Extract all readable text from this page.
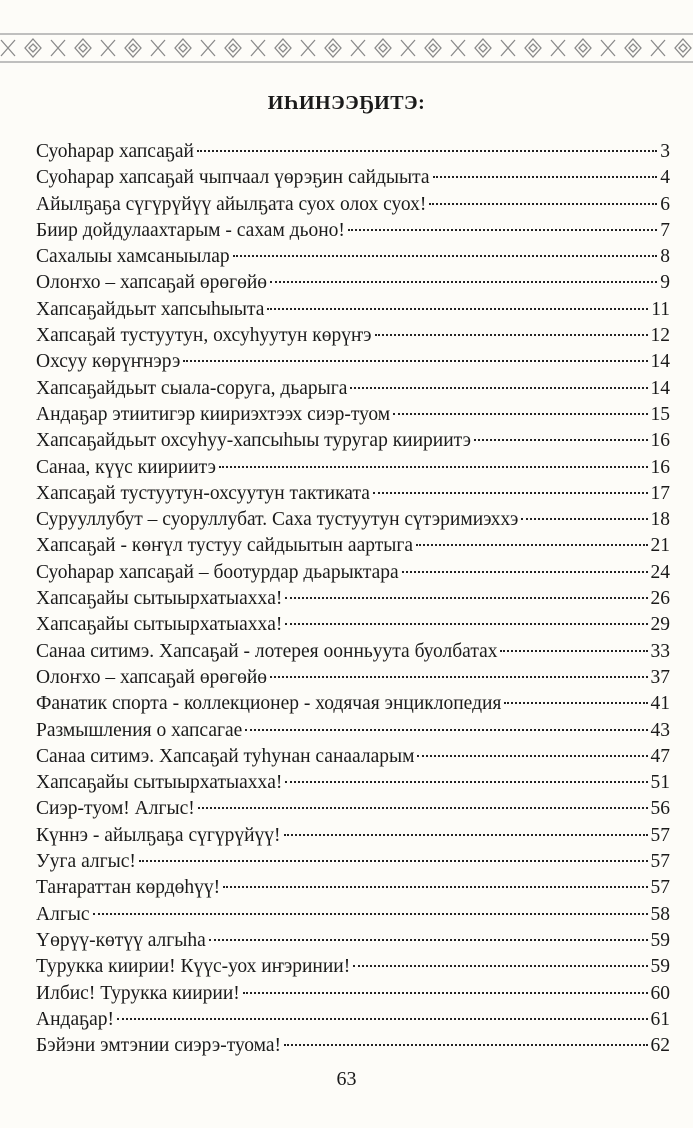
ИҺИНЭЭҔИТЭ:
Суоһарар хапсаҕай	3
Суоһарар хапсаҕай чыпчаал үөрэҕин сайдыыта	4
Айылҕаҕа сүгүрүйүү айылҕата суох олох суох!	6
Биир дойдулаахтарым - сахам дьоно!	7
Сахалыы хамсаныылар	8
Олоҥхо – хапсаҕай өрөгөйө	9
Хапсаҕайдьыт хапсыһыыта	11
Хапсаҕай тустуутун, охсуһуутун көрүҥэ	12
Охсуу көрүҥнэрэ	14
Хапсаҕайдьыт сыала-соруга, дьарыга	14
Андаҕар этиитигэр киириэхтээх сиэр-туом	15
Хапсаҕайдьыт охсуһуу-хапсыһыы туругар киириитэ	16
Санаа, күүс киириитэ	16
Хапсаҕай тустуутун-охсуутун тактиката	17
Сурууллубут – суоруллубат. Саха тустуутун сүтэримиэххэ	18
Хапсаҕай - көҥүл тустуу сайдыытын аартыга	21
Суоһарар хапсаҕай – боотурдар дьарыктара	24
Хапсаҕайы сытыырхатыаххa!	26
Хапсаҕайы сытыырхатыаххa!	29
Санаа ситимэ. Хапсаҕай - лотерея оонньуута буолбатах	33
Олоҥхо – хапсаҕай өрөгөйө	37
Фанатик спорта - коллекционер - ходячая энциклопедия	41
Размышления о хапсагае	43
Санаа ситимэ. Хапсаҕай туһунан санааларым	47
Хапсаҕайы сытыырхатыаххa!	51
Сиэр-туом! Алгыс!	56
Күннэ - айылҕаҕа сүгүрүйүү!	57
Ууга алгыс!	57
Таҥараттан көрдөһүү!	57
Алгыс	58
Үөрүү-көтүү алгыһа	59
Турукка киирии! Күүс-уох иҥэринии!	59
Илбис! Турукка киирии!	60
Андаҕар!	61
Бэйэни эмтэнии сиэрэ-туома!	62
63
